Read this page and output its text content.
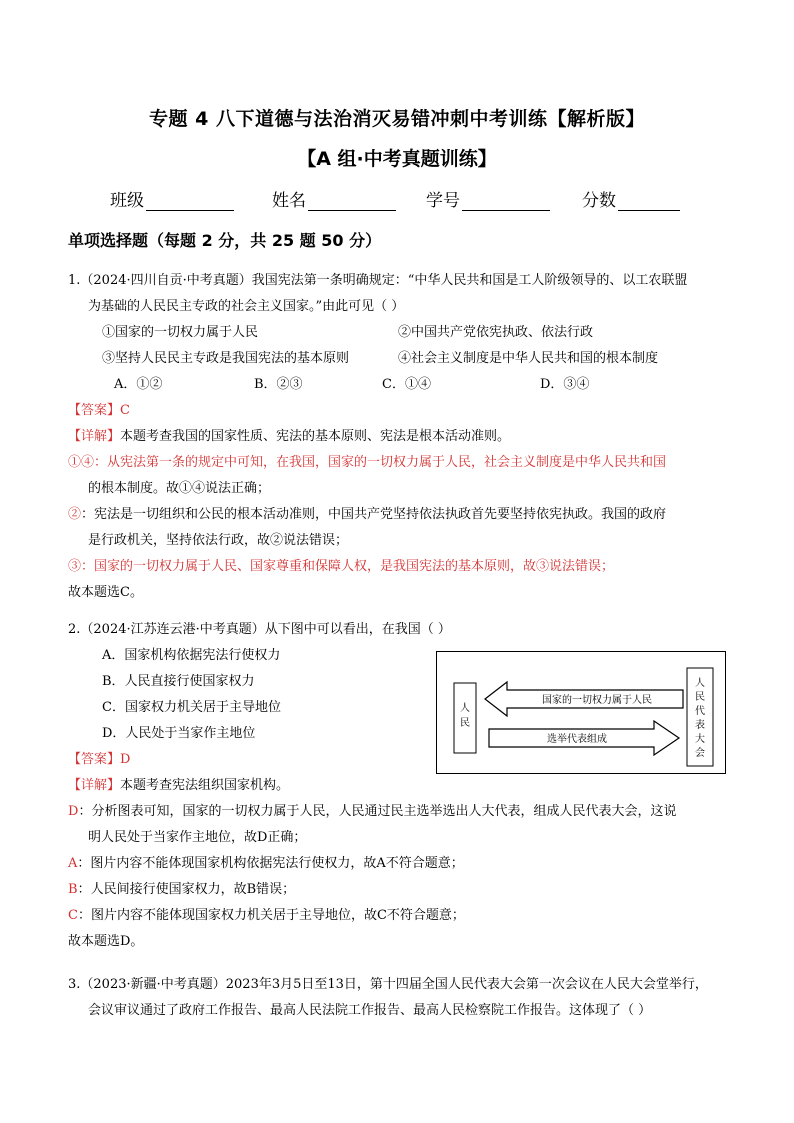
专题 4 八下道德与法治消灭易错冲刺中考训练【解析版】
【A 组·中考真题训练】
班级	姓名	学号	分数
单项选择题（每题 2 分，共 25 题 50 分）
1.（2024·四川自贡·中考真题）我国宪法第一条明确规定：“中华人民共和国是工人阶级领导的、以工农联盟
为基础的人民民主专政的社会主义国家。”由此可见（ ）
①国家的一切权力属于人民	②中国共产党依宪执政、依法行政
③坚持人民民主专政是我国宪法的基本原则	④社会主义制度是中华人民共和国的根本制度
A．①②	B．②③	C．①④	D．③④
【答案】C
【详解】本题考查我国的国家性质、宪法的基本原则、宪法是根本活动准则。
①④：从宪法第一条的规定中可知，在我国，国家的一切权力属于人民，社会主义制度是中华人民共和国
的根本制度。故①④说法正确；
②：宪法是一切组织和公民的根本活动准则，中国共产党坚持依法执政首先要坚持依宪执政。我国的政府
是行政机关，坚持依法行政，故②说法错误；
③：国家的一切权力属于人民、国家尊重和保障人权，是我国宪法的基本原则，故③说法错误；
故本题选C。
2.（2024·江苏连云港·中考真题）从下图中可以看出，在我国（ ）
A．国家机构依据宪法行使权力
B．人民直接行使国家权力
C．国家权力机关居于主导地位
D．人民处于当家作主地位
【答案】D
【详解】本题考查宪法组织国家机构。
D：分析图表可知，国家的一切权力属于人民，人民通过民主选举选出人大代表，组成人民代表大会，这说
明人民处于当家作主地位，故D正确；
A：图片内容不能体现国家机构依据宪法行使权力，故A不符合题意；
B：人民间接行使国家权力，故B错误；
C：图片内容不能体现国家权力机关居于主导地位，故C不符合题意；
故本题选D。
人
民
人
民
代
表
大
会
国家的一切权力属于人民
选举代表组成
3.（2023·新疆·中考真题）2023年3月5日至13日，第十四届全国人民代表大会第一次会议在人民大会堂举行，
会议审议通过了政府工作报告、最高人民法院工作报告、最高人民检察院工作报告。这体现了（ ）
